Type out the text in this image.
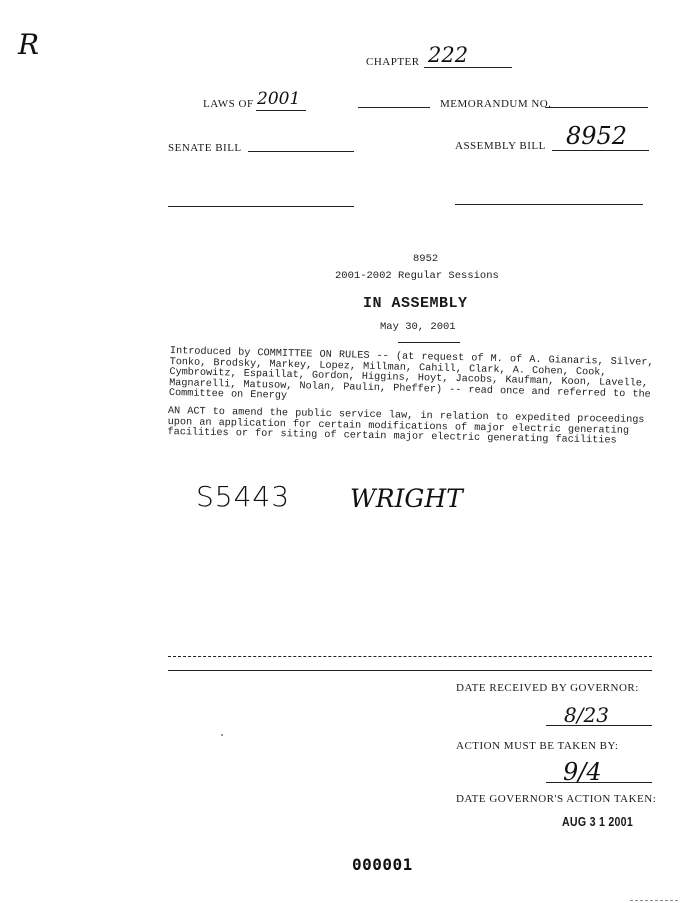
R
CHAPTER 222
LAWS OF 2001	MEMORANDUM NO.
SENATE BILL	ASSEMBLY BILL 8952
8952
2001-2002 Regular Sessions
IN ASSEMBLY
May 30, 2001

Introduced by COMMITTEE ON RULES -- (at request of M. of A. Gianaris, Silver, Tonko, Brodsky, Markey, Lopez, Millman, Cahill, Clark, A. Cohen, Cook, Cymbrowitz, Espaillat, Gordon, Higgins, Hoyt, Jacobs, Kaufman, Koon, Lavelle, Magnarelli, Matusow, Nolan, Paulin, Pheffer) -- read once and referred to the Committee on Energy

AN ACT to amend the public service law, in relation to expedited proceedings upon an application for certain modifications of major electric generating facilities or for siting of certain major electric generating facilities

S5443 WRIGHT
DATE RECEIVED BY GOVERNOR:
8/23
ACTION MUST BE TAKEN BY:
9/4
DATE GOVERNOR'S ACTION TAKEN:
AUG 3 1 2001
000001
